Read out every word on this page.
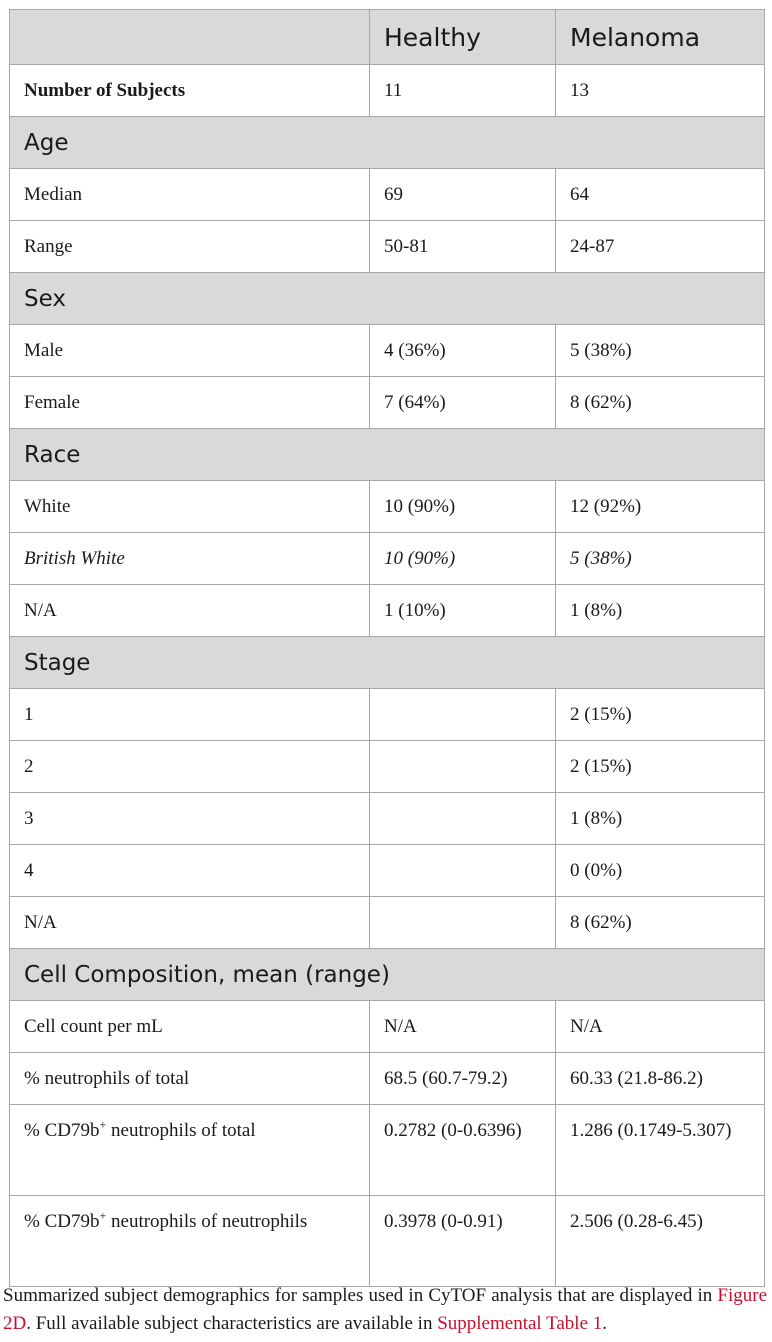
	Healthy	Melanoma
Number of Subjects	11	13
Age		
Median	69	64
Range	50-81	24-87
Sex		
Male	4 (36%)	5 (38%)
Female	7 (64%)	8 (62%)
Race		
White	10 (90%)	12 (92%)
British White	10 (90%)	5 (38%)
N/A	1 (10%)	1 (8%)
Stage		
1		2 (15%)
2		2 (15%)
3		1 (8%)
4		0 (0%)
N/A		8 (62%)
Cell Composition, mean (range)		
Cell count per mL	N/A	N/A
% neutrophils of total	68.5 (60.7-79.2)	60.33 (21.8-86.2)
% CD79b+ neutrophils of total	0.2782 (0-0.6396)	1.286 (0.1749-5.307)
% CD79b+ neutrophils of neutrophils	0.3978 (0-0.91)	2.506 (0.28-6.45)
Summarized subject demographics for samples used in CyTOF analysis that are displayed in Figure 2D. Full available subject characteristics are available in Supplemental Table 1.
